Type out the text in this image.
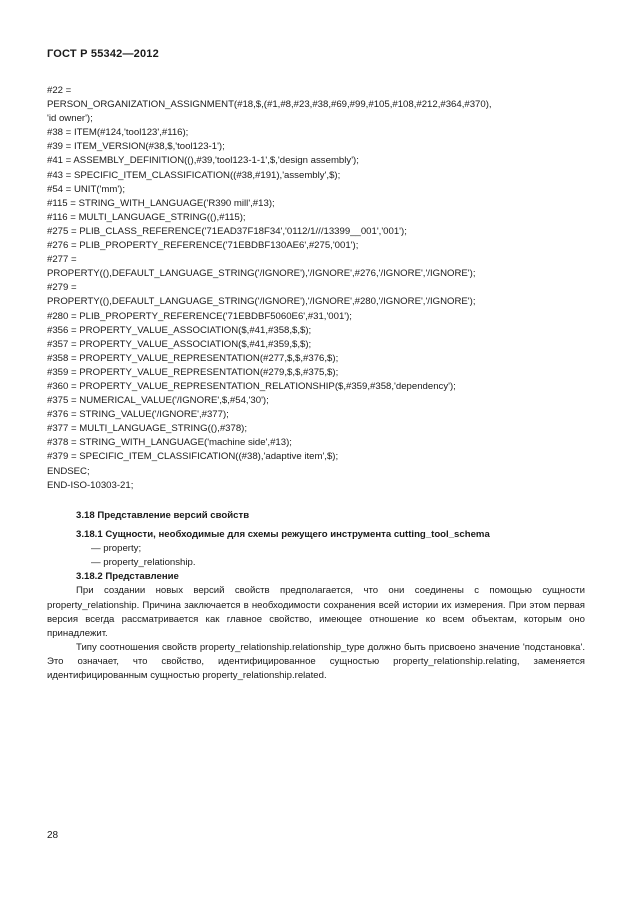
ГОСТ Р 55342—2012
#22 =
PERSON_ORGANIZATION_ASSIGNMENT(#18,$,(#1,#8,#23,#38,#69,#99,#105,#108,#212,#364,#370),
'id owner');
#38 = ITEM(#124,'tool123',#116);
#39 = ITEM_VERSION(#38,$,'tool123-1');
#41 = ASSEMBLY_DEFINITION((),#39,'tool123-1-1',$,'design assembly');
#43 = SPECIFIC_ITEM_CLASSIFICATION((#38,#191),'assembly',$);
#54 = UNIT('mm');
#115 = STRING_WITH_LANGUAGE('R390 mill',#13);
#116 = MULTI_LANGUAGE_STRING((),#115);
#275 = PLIB_CLASS_REFERENCE('71EAD37F18F34','0112/1///13399__001','001');
#276 = PLIB_PROPERTY_REFERENCE('71EBDBF130AE6',#275,'001');
#277 =
PROPERTY((),DEFAULT_LANGUAGE_STRING('/IGNORE'),'/IGNORE',#276,'/IGNORE','/IGNORE');
#279 =
PROPERTY((),DEFAULT_LANGUAGE_STRING('/IGNORE'),'/IGNORE',#280,'/IGNORE','/IGNORE');
#280 = PLIB_PROPERTY_REFERENCE('71EBDBF5060E6',#31,'001');
#356 = PROPERTY_VALUE_ASSOCIATION($,#41,#358,$,$);
#357 = PROPERTY_VALUE_ASSOCIATION($,#41,#359,$,$);
#358 = PROPERTY_VALUE_REPRESENTATION(#277,$,$,#376,$);
#359 = PROPERTY_VALUE_REPRESENTATION(#279,$,$,#375,$);
#360 = PROPERTY_VALUE_REPRESENTATION_RELATIONSHIP($,#359,#358,'dependency');
#375 = NUMERICAL_VALUE('/IGNORE',$,#54,'30');
#376 = STRING_VALUE('/IGNORE',#377);
#377 = MULTI_LANGUAGE_STRING((),#378);
#378 = STRING_WITH_LANGUAGE('machine side',#13);
#379 = SPECIFIC_ITEM_CLASSIFICATION((#38),'adaptive item',$);
ENDSEC;
END-ISO-10303-21;
3.18 Представление версий свойств
3.18.1 Сущности, необходимые для схемы режущего инструмента cutting_tool_schema
— property;
— property_relationship.
3.18.2 Представление
При создании новых версий свойств предполагается, что они соединены с помощью сущности property_relationship. Причина заключается в необходимости сохранения всей истории их измерения. При этом первая версия всегда рассматривается как главное свойство, имеющее отношение ко всем объектам, которым оно принадлежит.
Типу соотношения свойств property_relationship.relationship_type должно быть присвоено значение 'подстановка'. Это означает, что свойство, идентифицированное сущностью property_relationship.relating, заменяется идентифицированным сущностью property_relationship.related.
28
